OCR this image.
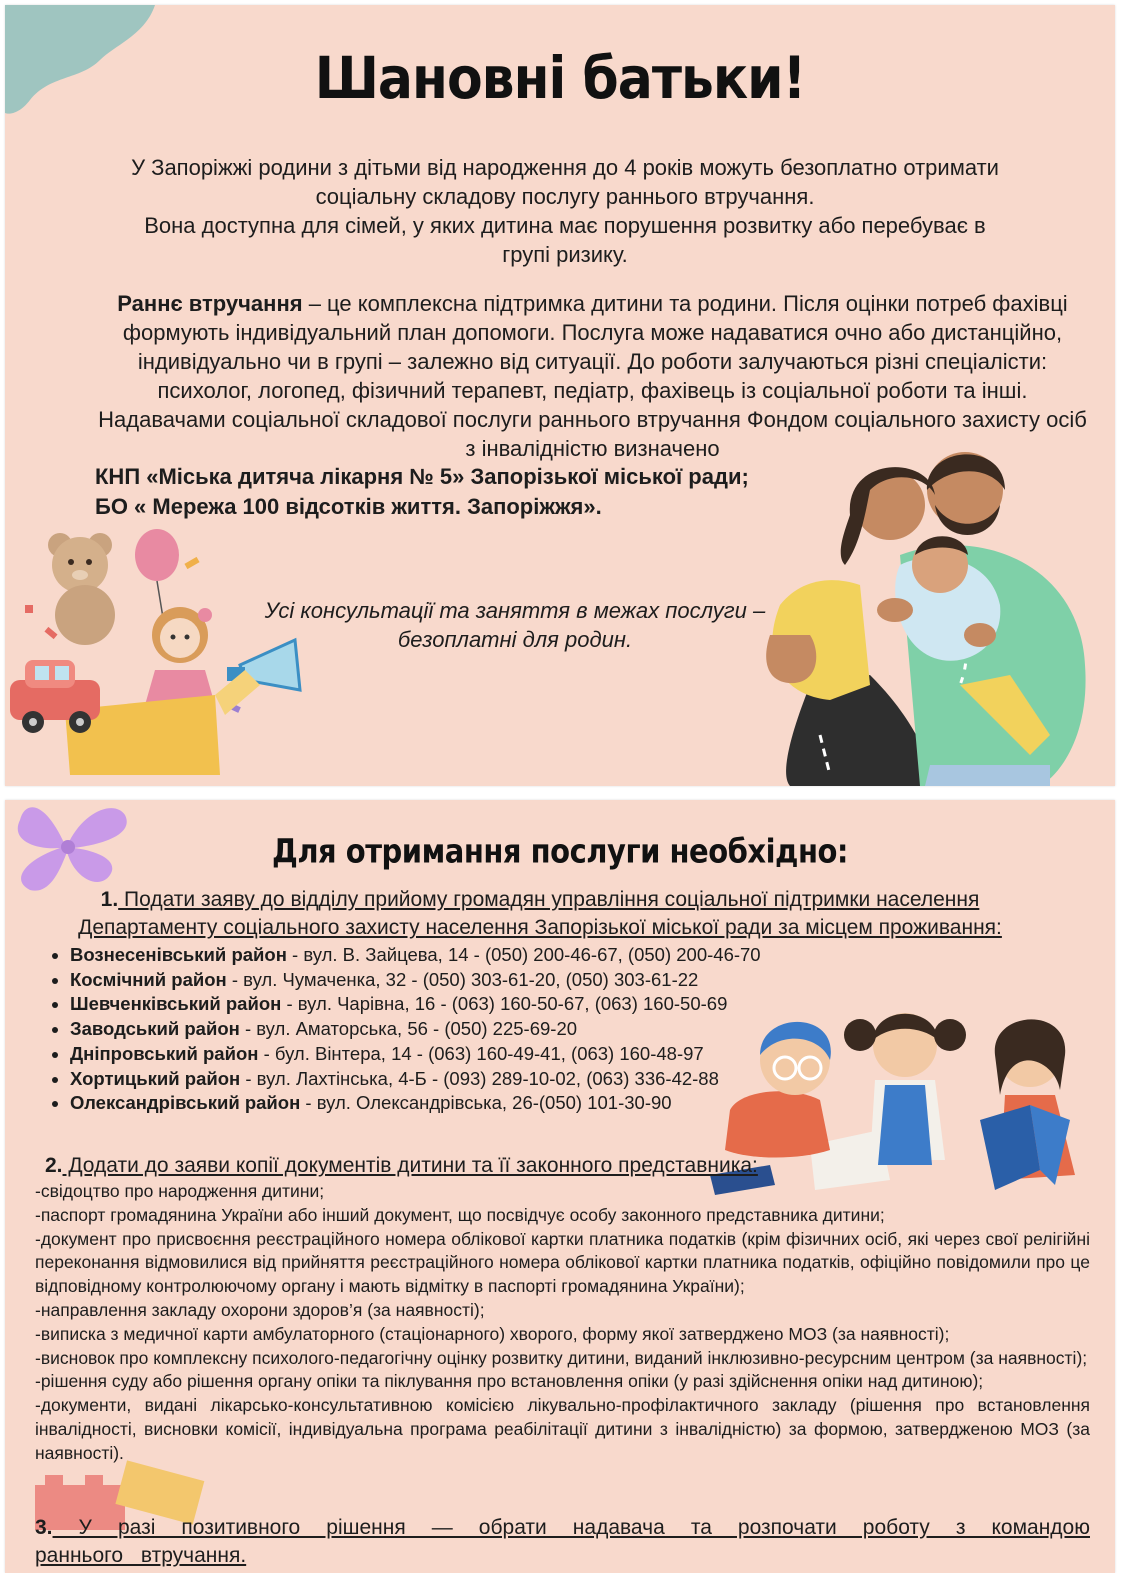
Шановні батьки!

У Запоріжжі родини з дітьми від народження до 4 років можуть безоплатно отримати соціальну складову послугу раннього втручання.

Вона доступна для сімей, у яких дитина має порушення розвитку або перебуває в групі ризику.

Раннє втручання – це комплексна підтримка дитини та родини. Після оцінки потреб фахівці формують індивідуальний план допомоги. Послуга може надаватися очно або дистанційно, індивідуально чи в групі – залежно від ситуації. До роботи залучаються різні спеціалісти: психолог, логопед, фізичний терапевт, педіатр, фахівець із соціальної роботи та інші. Надавачами соціальної складової послуги раннього втручання Фондом соціального захисту осіб з інвалідністю визначено

КНП «Міська дитяча лікарня № 5» Запорізької міської ради;

БО « Мережа 100 відсотків життя. Запоріжжя».

Усі консультації та заняття в межах послуги – безоплатні для родин.

Для отримання послуги необхідно:

1. Подати заяву до відділу прийому громадян управління соціальної підтримки населення Департаменту соціального захисту населення Запорізької міської ради за місцем проживання:

• Вознесенівський район - вул. В. Зайцева, 14 - (050) 200-46-67, (050) 200-46-70
• Космічний район - вул. Чумаченка, 32 - (050) 303-61-20, (050) 303-61-22
• Шевченківський район - вул. Чарівна, 16 - (063) 160-50-67, (063) 160-50-69
• Заводський район - вул. Аматорська, 56 - (050) 225-69-20
• Дніпровський район - бул. Вінтера, 14 - (063) 160-49-41, (063) 160-48-97
• Хортицький район - вул. Лахтінська, 4-Б - (093) 289-10-02, (063) 336-42-88
• Олександрівський район - вул. Олександрівська, 26-(050) 101-30-90

2. Додати до заяви копії документів дитини та її законного представника:

-свідоцтво про народження дитини;

-паспорт громадянина України або інший документ, що посвідчує особу законного представника дитини;

-документ про присвоєння реєстраційного номера облікової картки платника податків (крім фізичних осіб, які через свої релігійні переконання відмовилися від прийняття реєстраційного номера облікової картки платника податків, офіційно повідомили про це відповідному контролюючому органу і мають відмітку в паспорті громадянина України);

-направлення закладу охорони здоров’я (за наявності);

-виписка з медичної карти амбулаторного (стаціонарного) хворого, форму якої затверджено МОЗ (за наявності);

-висновок про комплексну психолого-педагогічну оцінку розвитку дитини, виданий інклюзивно-ресурсним центром (за наявності);

-рішення суду або рішення органу опіки та піклування про встановлення опіки (у разі здійснення опіки над дитиною);

-документи, видані лікарсько-консультативною комісією лікувально-профілактичного закладу (рішення про встановлення інвалідності, висновки комісії, індивідуальна програма реабілітації дитини з інвалідністю) за формою, затвердженою МОЗ (за наявності).

3. У разі позитивного рішення — обрати надавача та розпочати роботу з командою раннього втручання.
